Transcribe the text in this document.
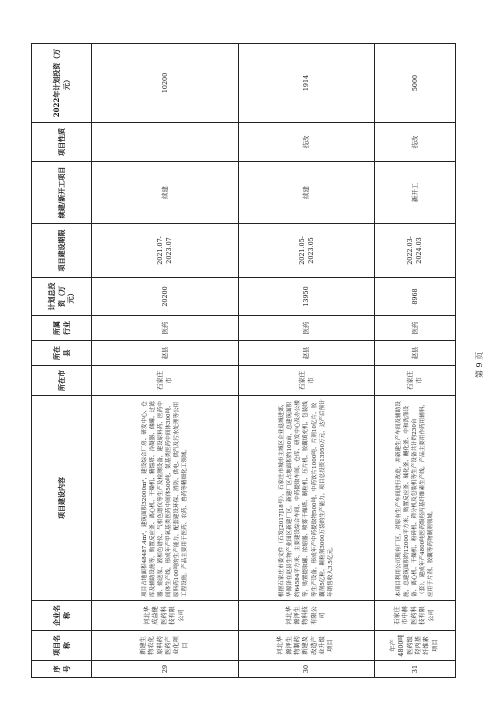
序号	项目名称	企业名称	项目建设内容	所在市	所在县	所属行业	计划总投资（万元）	项目建设期限	续建/新开工项目	项目性质	2022年计划投资（万元）
29	新建生物农化原料药医药产业化项目	河北华成益健医药科技有限公司	项目占地面积48487.4m²，建筑面积32000m²，建设综合厂房、研发中心、仓库及辅助设施等，购置反应釜、离心机、干燥机、精馏塔、冷凝器、储罐、过滤器、输送泵、液相色谱仪、气相色谱仪等生产及检测设备，建设原料药、医药中间体生产线，形成年产甲氧基类医药中间体500吨、氨基类医药中间体300吨、原料药100吨的生产能力，配套建设环保、消防、供电、供汽及污水处理等公用工程设施。产品主要用于医药、农药、兽药等精细化工领域。	石家庄市	赵县	医药	20200	2021.07-2023.07	续建		10200
30	河北华源泽生物制药新建及改造产业升级项目	河北华源泽生物科技有限公司	根据石家庄市委文件（石发[2017]18号），石家庄市城市主城区企业退城进郊，华源泽在赵县生物产业园区新建厂区。新建厂区占地面积约100亩，总建筑面积约64584平方米，主要建设综合车间、中药提取车间、仓库、研发中心及办公楼等，购置提取罐、浓缩器、喷雾干燥塔、制粒机、压片机、胶囊填充机、包装线等生产设备，形成年产中药提取物500吨、中药饮片1000吨、片剂10亿片、胶囊剂5亿粒、颗粒剂3000万袋的生产能力。项目总投资13950万元，达产后预计年销售收入3.5亿元。	石家庄市	赵县	医药	13950	2021.05-2023.05	续建	技改	1914
31	年产4800吨医药级羟丙基纤维素项目	石家庄市中赫医药科技有限公司	本项目利用公司现有厂区，对原有生产车间进行改造，并新建生产车间及辅助设施，总建筑面积约12000平方米，购置反应釜、碱化釜、醚化釜、中和洗涤设备、离心机、干燥机、粉碎机、筛分机及包装机等生产设备共计约230台（套），建成年产4800吨医药级羟丙基纤维素生产线。产品主要用作药用辅料，应用于片剂、胶囊等药物制剂领域。	石家庄市	赵县	医药	8968	2022.03-2024.03	新开工	技改	5000
第 9 页
